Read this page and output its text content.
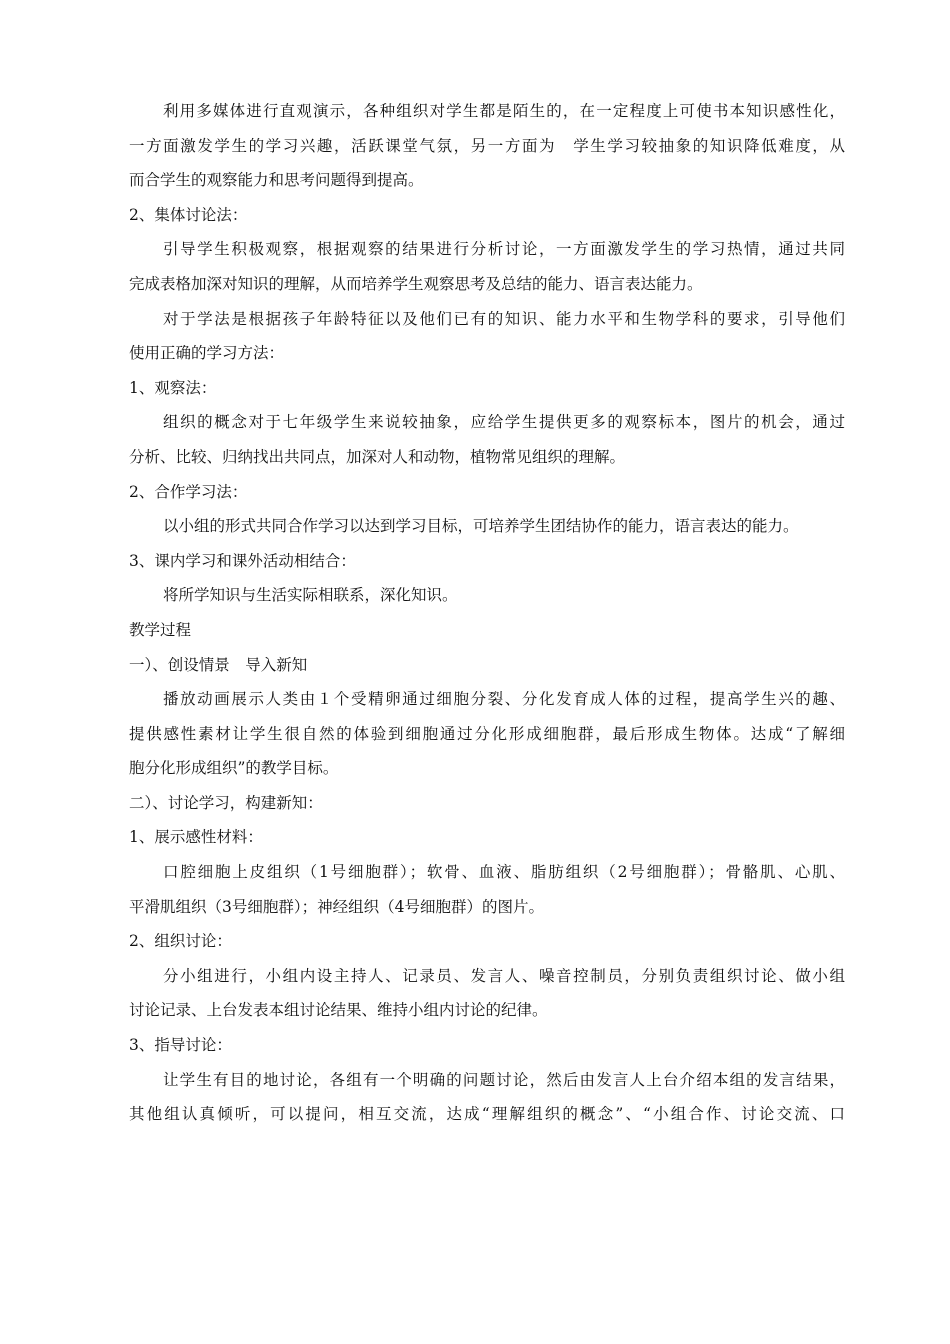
利用多媒体进行直观演示，各种组织对学生都是陌生的，在一定程度上可使书本知识感性化，
一方面激发学生的学习兴趣，活跃课堂气氛，另一方面为　学生学习较抽象的知识降低难度，从
而合学生的观察能力和思考问题得到提高。
2、集体讨论法：
引导学生积极观察，根据观察的结果进行分析讨论，一方面激发学生的学习热情，通过共同
完成表格加深对知识的理解，从而培养学生观察思考及总结的能力、语言表达能力。
对于学法是根据孩子年龄特征以及他们已有的知识、能力水平和生物学科的要求，引导他们
使用正确的学习方法：
1、观察法：
组织的概念对于七年级学生来说较抽象，应给学生提供更多的观察标本，图片的机会，通过
分析、比较、归纳找出共同点，加深对人和动物，植物常见组织的理解。
2、合作学习法：
以小组的形式共同合作学习以达到学习目标，可培养学生团结协作的能力，语言表达的能力。
3、课内学习和课外活动相结合：
将所学知识与生活实际相联系，深化知识。
教学过程
一）、创设情景　导入新知
播放动画展示人类由１个受精卵通过细胞分裂、分化发育成人体的过程，提高学生兴的趣、
提供感性素材让学生很自然的体验到细胞通过分化形成细胞群，最后形成生物体。达成“了解细
胞分化形成组织”的教学目标。
二）、讨论学习，构建新知：
1、展示感性材料：
口腔细胞上皮组织（1号细胞群）；软骨、血液、脂肪组织（2号细胞群）；骨骼肌、心肌、
平滑肌组织（3号细胞群）；神经组织（4号细胞群）的图片。
2、组织讨论：
分小组进行，小组内设主持人、记录员、发言人、噪音控制员，分别负责组织讨论、做小组
讨论记录、上台发表本组讨论结果、维持小组内讨论的纪律。
3、指导讨论：
让学生有目的地讨论，各组有一个明确的问题讨论，然后由发言人上台介绍本组的发言结果，
其他组认真倾听，可以提问，相互交流，达成“理解组织的概念”、“小组合作、讨论交流、口
